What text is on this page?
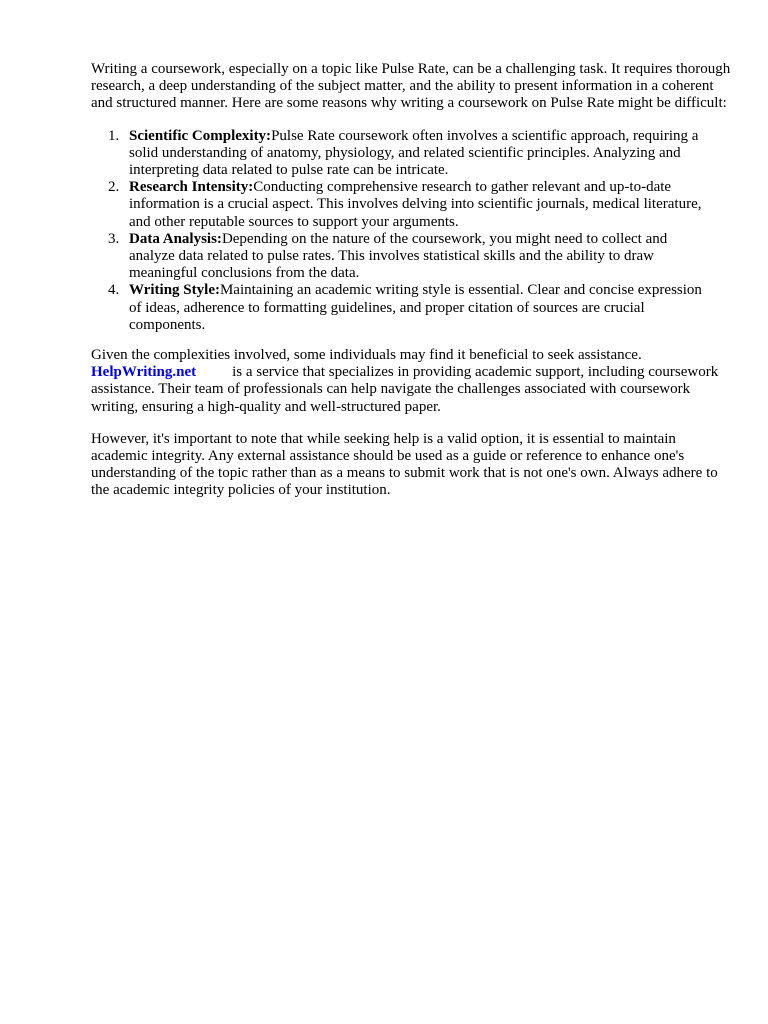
Writing a coursework, especially on a topic like Pulse Rate, can be a challenging task. It requires thorough research, a deep understanding of the subject matter, and the ability to present information in a coherent and structured manner. Here are some reasons why writing a coursework on Pulse Rate might be difficult:

1. Scientific Complexity:Pulse Rate coursework often involves a scientific approach, requiring a solid understanding of anatomy, physiology, and related scientific principles. Analyzing and interpreting data related to pulse rate can be intricate.
2. Research Intensity:Conducting comprehensive research to gather relevant and up-to-date information is a crucial aspect. This involves delving into scientific journals, medical literature, and other reputable sources to support your arguments.
3. Data Analysis:Depending on the nature of the coursework, you might need to collect and analyze data related to pulse rates. This involves statistical skills and the ability to draw meaningful conclusions from the data.
4. Writing Style:Maintaining an academic writing style is essential. Clear and concise expression of ideas, adherence to formatting guidelines, and proper citation of sources are crucial components.

Given the complexities involved, some individuals may find it beneficial to seek assistance. HelpWriting.net is a service that specializes in providing academic support, including coursework assistance. Their team of professionals can help navigate the challenges associated with coursework writing, ensuring a high-quality and well-structured paper.

However, it's important to note that while seeking help is a valid option, it is essential to maintain academic integrity. Any external assistance should be used as a guide or reference to enhance one's understanding of the topic rather than as a means to submit work that is not one's own. Always adhere to the academic integrity policies of your institution.
